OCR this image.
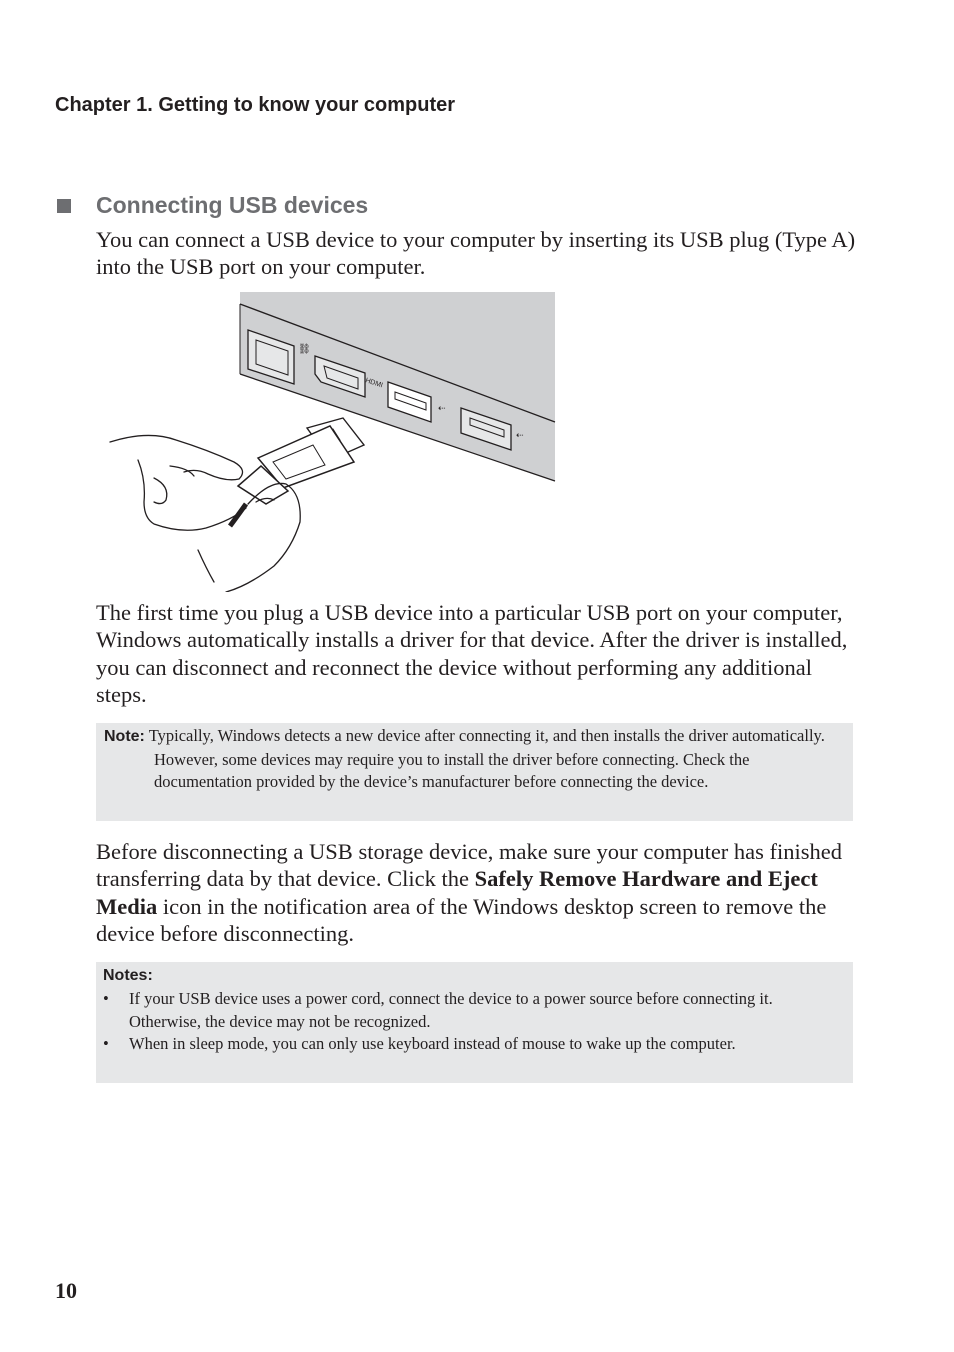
Chapter 1. Getting to know your computer
Connecting USB devices
You can connect a USB device to your computer by inserting its USB plug (Type A) into the USB port on your computer.
⛓
HDMI
⇠
⇠
The first time you plug a USB device into a particular USB port on your computer, Windows automatically installs a driver for that device. After the driver is installed, you can disconnect and reconnect the device without performing any additional steps.
Note: Typically, Windows detects a new device after connecting it, and then installs the driver automatically. However, some devices may require you to install the driver before connecting. Check the documentation provided by the device’s manufacturer before connecting the device.
Before disconnecting a USB storage device, make sure your computer has finished transferring data by that device. Click the Safely Remove Hardware and Eject Media icon in the notification area of the Windows desktop screen to remove the device before disconnecting.
Notes:
• If your USB device uses a power cord, connect the device to a power source before connecting it. Otherwise, the device may not be recognized.
• When in sleep mode, you can only use keyboard instead of mouse to wake up the computer.
10
